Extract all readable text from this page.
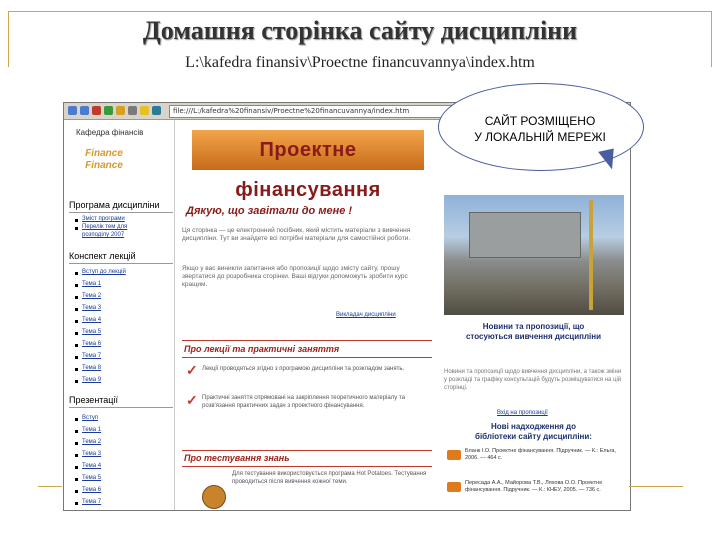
Домашня сторінка сайту дисципліни
L:\kafedra finansiv\Proectne financuvannya\index.htm
file:///L:/kafedra%20finansiv/Proectne%20financuvannya/index.htm
Кафедра фінансів
Finance
Finance
Програма дисципліни
Зміст програми
Перелік тем для
розподілу 2007
Конспект лекцій
Вступ до лекцій
Тема 1
Тема 2
Тема 3
Тема 4
Тема 5
Тема 6
Тема 7
Тема 8
Тема 9
Презентації
Вступ
Тема 1
Тема 2
Тема 3
Тема 4
Тема 5
Тема 6
Тема 7
Проектне фінансування
Дякую, що завітали до мене !
Ця сторінка — це електронний посібник, який містить матеріали з вивчення дисципліни. Тут ви знайдете всі потрібні матеріали для самостійної роботи.
Якщо у вас виникли запитання або пропозиції щодо змісту сайту, прошу звертатися до розробника сторінки. Ваші відгуки допоможуть зробити курс кращим.
Викладач дисципліни
Про лекції та практичні заняття
✓ Лекції проводяться згідно з програмою дисципліни та розкладом занять.
✓ Практичні заняття спрямовані на закріплення теоретичного матеріалу та розв'язання практичних задач з проектного фінансування.
Про тестування знань
Для тестування використовується програма Hot Potatoes. Тестування проводиться після вивчення кожної теми.
Новини та пропозиції, що
стосуються вивчення дисципліни
Новини та пропозиції щодо вивчення дисципліни, а також зміни у розкладі та графіку консультацій будуть розміщуватися на цій сторінці.
Вхід на пропозиції
Нові надходження до
бібліотеки сайту дисципліни:
Бланк І.О. Проектне фінансування. Підручник. — К.: Ельга, 2006. — 464 с.
Пересада А.А., Майорова Т.В., Ляхова О.О. Проектне фінансування. Підручник. — К.: КНЕУ, 2005. — 736 с.
САЙТ РОЗМІЩЕНО
У ЛОКАЛЬНІЙ МЕРЕЖІ
